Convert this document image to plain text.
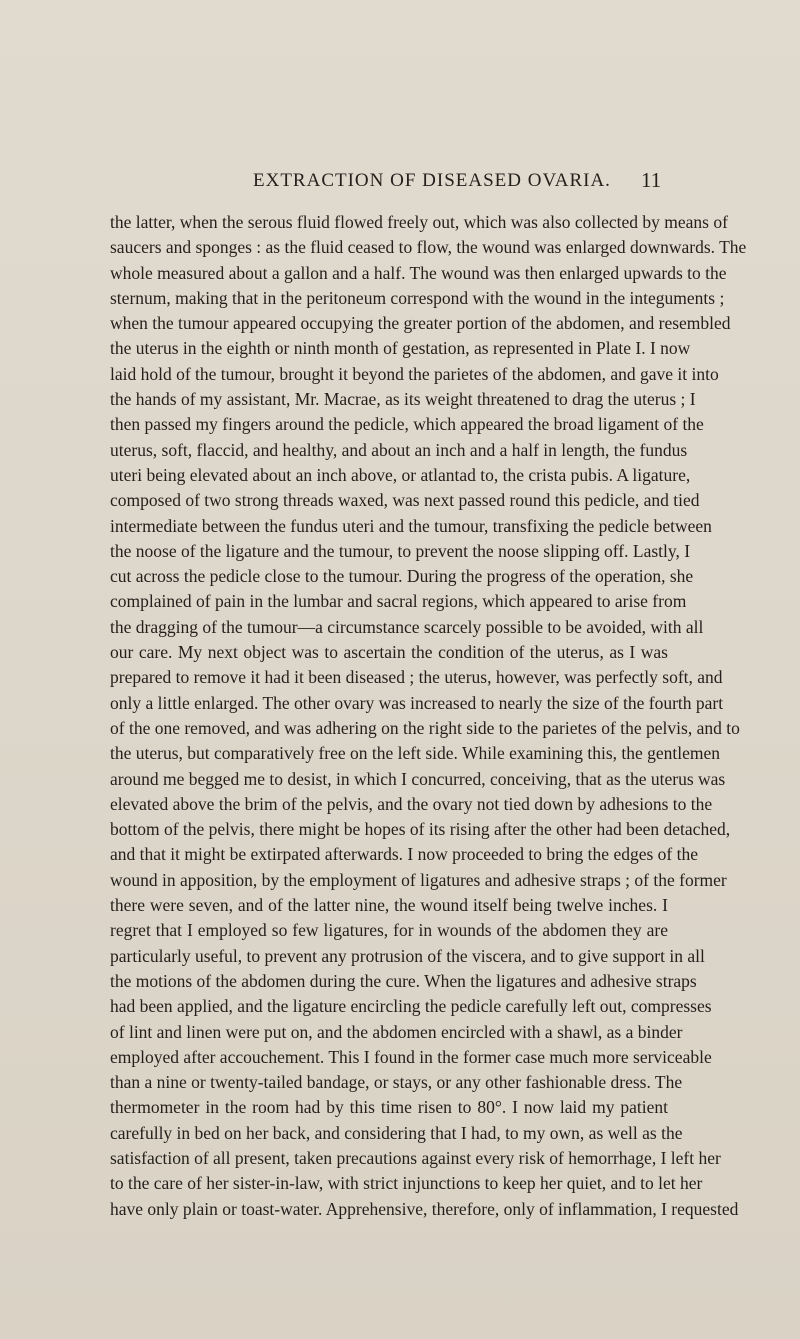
EXTRACTION OF DISEASED OVARIA. 11

the latter, when the serous fluid flowed freely out, which was also collected by means of
saucers and sponges : as the fluid ceased to flow, the wound was enlarged downwards. The
whole measured about a gallon and a half. The wound was then enlarged upwards to the
sternum, making that in the peritoneum correspond with the wound in the integuments ;
when the tumour appeared occupying the greater portion of the abdomen, and resembled
the uterus in the eighth or ninth month of gestation, as represented in Plate I. I now
laid hold of the tumour, brought it beyond the parietes of the abdomen, and gave it into
the hands of my assistant, Mr. Macrae, as its weight threatened to drag the uterus ; I
then passed my fingers around the pedicle, which appeared the broad ligament of the
uterus, soft, flaccid, and healthy, and about an inch and a half in length, the fundus
uteri being elevated about an inch above, or atlantad to, the crista pubis. A ligature,
composed of two strong threads waxed, was next passed round this pedicle, and tied
intermediate between the fundus uteri and the tumour, transfixing the pedicle between
the noose of the ligature and the tumour, to prevent the noose slipping off. Lastly, I
cut across the pedicle close to the tumour. During the progress of the operation, she
complained of pain in the lumbar and sacral regions, which appeared to arise from
the dragging of the tumour—a circumstance scarcely possible to be avoided, with all
our care. My next object was to ascertain the condition of the uterus, as I was
prepared to remove it had it been diseased ; the uterus, however, was perfectly soft, and
only a little enlarged. The other ovary was increased to nearly the size of the fourth part
of the one removed, and was adhering on the right side to the parietes of the pelvis, and to
the uterus, but comparatively free on the left side. While examining this, the gentlemen
around me begged me to desist, in which I concurred, conceiving, that as the uterus was
elevated above the brim of the pelvis, and the ovary not tied down by adhesions to the
bottom of the pelvis, there might be hopes of its rising after the other had been detached,
and that it might be extirpated afterwards. I now proceeded to bring the edges of the
wound in apposition, by the employment of ligatures and adhesive straps ; of the former
there were seven, and of the latter nine, the wound itself being twelve inches. I
regret that I employed so few ligatures, for in wounds of the abdomen they are
particularly useful, to prevent any protrusion of the viscera, and to give support in all
the motions of the abdomen during the cure. When the ligatures and adhesive straps
had been applied, and the ligature encircling the pedicle carefully left out, compresses
of lint and linen were put on, and the abdomen encircled with a shawl, as a binder
employed after accouchement. This I found in the former case much more serviceable
than a nine or twenty-tailed bandage, or stays, or any other fashionable dress. The
thermometer in the room had by this time risen to 80°. I now laid my patient
carefully in bed on her back, and considering that I had, to my own, as well as the
satisfaction of all present, taken precautions against every risk of hemorrhage, I left her
to the care of her sister-in-law, with strict injunctions to keep her quiet, and to let her
have only plain or toast-water. Apprehensive, therefore, only of inflammation, I requested
